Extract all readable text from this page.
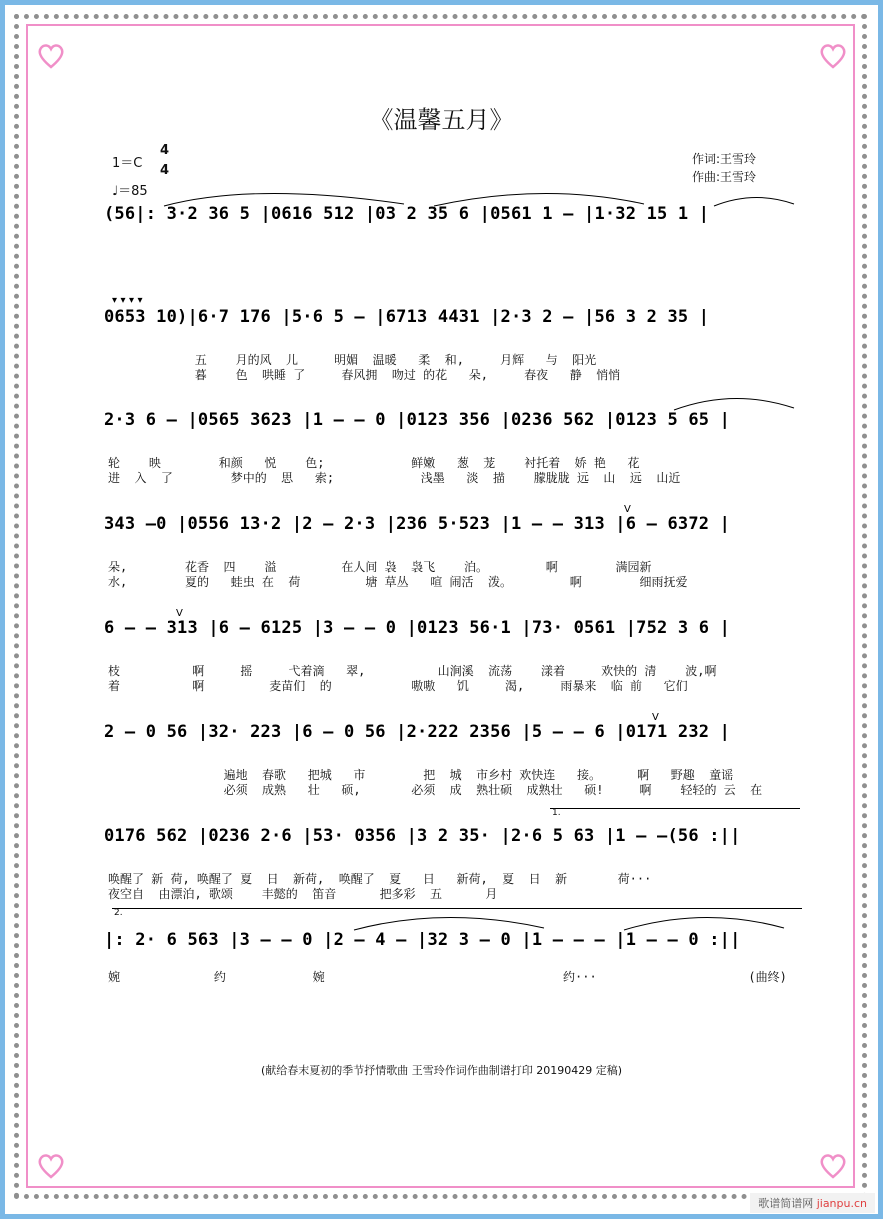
《温馨五月》
1＝C
4
4
♩＝85
作词:王雪玲
作曲:王雪玲
(56|: 3·2 36 5 |0616 512 |03 2 35 6 |0561 1 – |1·32 15 1 |
▾ ▾ ▾ ▾
0653 10)|6·7 176 |5·6 5 – |6713 4431 |2·3 2 – |56 3 2 35 |
五    月的风  儿     明媚  温暖   柔  和,     月辉   与  阳光
暮    色  哄睡 了     春风拥  吻过 的花   朵,     春夜   静  悄悄
2·3 6 – |0565 3623 |1 – – 0 |0123 356 |0236 562 |0123 5 65 |
轮    映        和颜   悦    色;            鲜嫩   葱  茏    衬托着  娇 艳   花
进  入  了        梦中的  思   索;            浅墨   淡  描    朦胧胧 远  山  远  山近
V
343 –0 |0556 13·2 |2 – 2·3 |236 5·523 |1 – – 313 |6 – 6372 |
朵,        花香  四    溢         在人间 袅  袅飞    泊。        啊        满园新
水,        夏的   蛙虫 在  荷         塘 草丛   喧 闹活  泼。        啊        细雨抚爱
V
6 – – 313 |6 – 6125 |3 – – 0 |0123 56·1 |73· 0561 |752 3 6 |
枝          啊     摇     弋着滴   翠,          山涧溪  流荡    漾着     欢快的 清    波,啊
着          啊         麦苗们  的           嗷嗷   饥     渴,     雨暴来  临 前   它们
V
2 – 0 56 |32· 223 |6 – 0 56 |2·222 2356 |5 – – 6 |0171 232 |
遍地  春歌   把城   市        把  城  市乡村 欢快连   接。     啊   野趣  童谣
必须  成熟   壮   硕,       必须  成  熟壮硕  成熟壮   硕!     啊    轻轻的 云  在
1.
0176 562 |0236 2·6 |53· 0356 |3 2 35· |2·6 5 63 |1 – –(56 :||
唤醒了 新 荷, 唤醒了 夏  日  新荷,  唤醒了  夏   日   新荷,  夏  日  新       荷···
夜空自  由漂泊, 歌颂    丰懿的  笛音      把多彩  五      月
2.
|: 2· 6 563 |3 – – 0 |2 – 4 – |32 3 – 0 |1 – – – |1 – – 0 :||
婉             约            婉                                 约···                     (曲终)
(献给春末夏初的季节抒情歌曲 王雪玲作词作曲制谱打印 20190429 定稿)
歌谱简谱网 jianpu.cn
